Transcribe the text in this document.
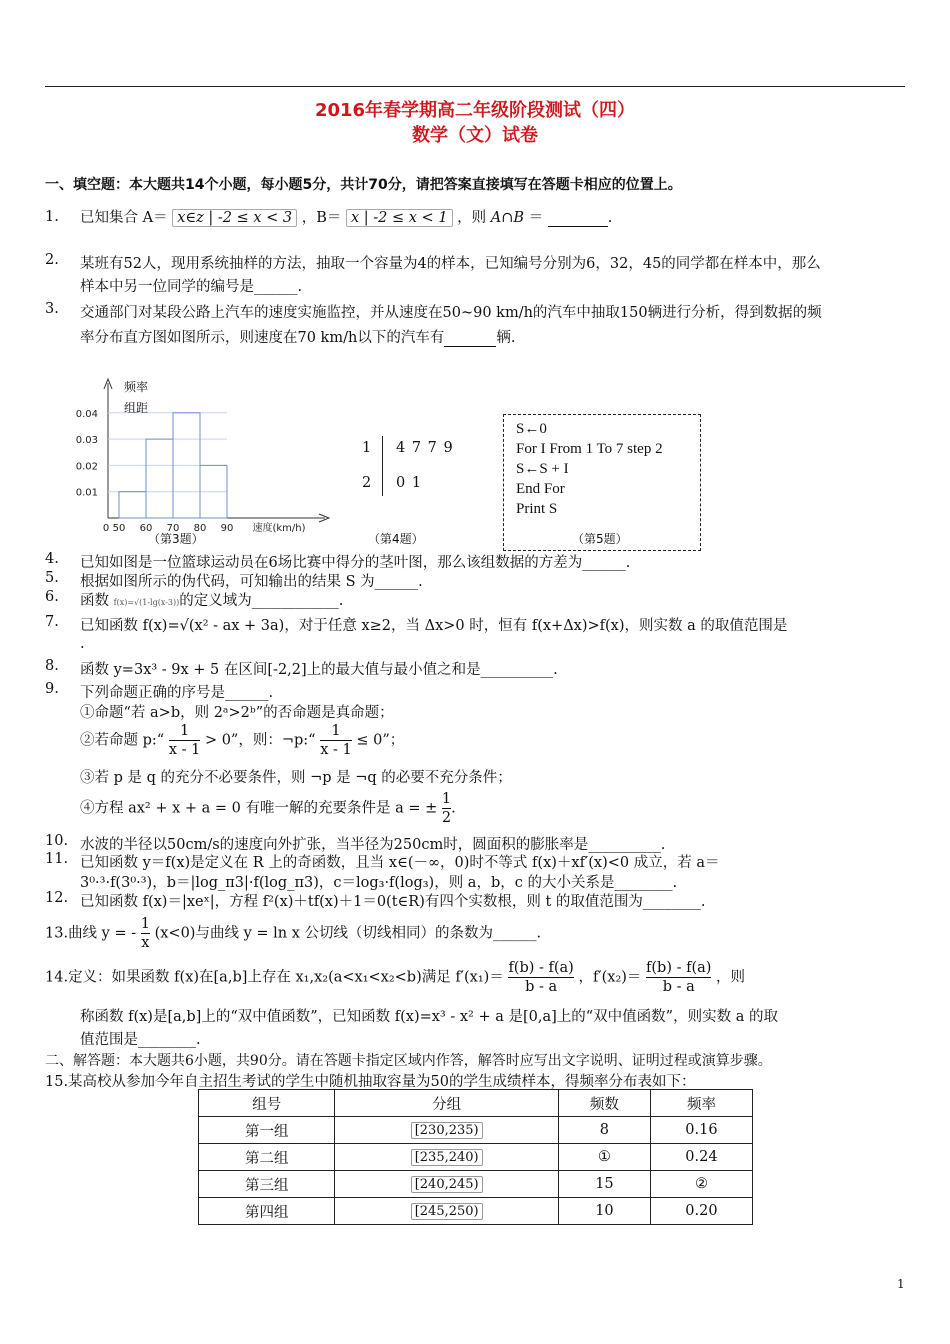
2016年春学期高二年级阶段测试（四）
数学（文）试卷
一、填空题：本大题共14个小题，每小题5分，共计70分，请把答案直接填写在答题卡相应的位置上。
1. 已知集合 A＝ x∈z | -2 ≤ x < 3 ，B＝ x | -2 ≤ x < 1 ，则 A∩B ＝	.
2. 某班有52人，现用系统抽样的方法，抽取一个容量为4的样本，已知编号分别为6，32，45的同学都在样本中，那么
样本中另一位同学的编号是______.
3. 交通部门对某段公路上汽车的速度实施监控，并从速度在50~90 km/h的汽车中抽取150辆进行分析，得到数据的频
率分布直方图如图所示，则速度在70 km/h以下的汽车有	辆.
0.04
0.03
0.02
0.01
0 50 60 70 80 90 速度(km/h)
频率
组距
（第3题）
1 4 7 7 9
2 0 1
（第4题）
S←0
For I From 1 To 7 step 2
S←S + I
End For
Print S
（第5题）
4. 已知如图是一位篮球运动员在6场比赛中得分的茎叶图，那么该组数据的方差为______.
5. 根据如图所示的伪代码，可知输出的结果 S 为______.
6. 函数 f(x)=√(1-lg(x-3))的定义域为____________.
7. 已知函数 f(x)=√(x² - ax + 3a)，对于任意 x≥2，当 Δx>0 时，恒有 f(x+Δx)>f(x)，则实数 a 的取值范围是
.
8. 函数 y=3x³ - 9x + 5 在区间[-2,2]上的最大值与最小值之和是__________.
9. 下列命题正确的序号是______.
①命题“若 a>b，则 2ᵃ>2ᵇ”的否命题是真命题；
②若命题 p:“ $\frac{1}{x - 1} > 0$”，则：¬p:“ $\frac{1}{x - 1} \le 0$”；
③若 p 是 q 的充分不必要条件，则 ¬p 是 ¬q 的必要不充分条件；
④方程 ax² + x + a = 0 有唯一解的充要条件是 a = ± $\frac{1}{2}$ .
10. 水波的半径以50cm/s的速度向外扩张，当半径为250cm时，圆面积的膨胀率是__________.
11. 已知函数 y＝f(x)是定义在 R 上的奇函数，且当 x∈(－∞，0)时不等式 f(x)＋xf′(x)<0 成立，若 a＝
3⁰·³·f(3⁰·³)，b＝|log_π3|·f(log_π3)，c＝log₃·f(log₃)，则 a，b，c 的大小关系是________.
12. 已知函数 f(x)＝|xeˣ|，方程 f²(x)＋tf(x)＋1＝0(t∈R)有四个实数根，则 t 的取值范围为________.
13.曲线 y = - $\frac{1}{x} (x<0)$与曲线 y = ln x 公切线（切线相同）的条数为______.
14.定义：如果函数 f(x)在[a,b]上存在 x₁,x₂(a<x₁<x₂<b)满足 $f'(x_1)= \frac{f(b) - f(a)}{b - a}$ ，$f'(x_2)= \frac{f(b) - f(a)}{b - a}$ ，则
称函数 f(x)是[a,b]上的“双中值函数”，已知函数 f(x)=x³ - x² + a 是[0,a]上的“双中值函数”，则实数 a 的取
值范围是________.
二、解答题：本大题共6小题，共90分。请在答题卡指定区域内作答，解答时应写出文字说明、证明过程或演算步骤。
15.某高校从参加今年自主招生考试的学生中随机抽取容量为50的学生成绩样本，得频率分布表如下：
组号	分组	频数	频率
第一组	[230,235)	8	0.16
第二组	[235,240)	①	0.24
第三组	[240,245)	15	②
第四组	[245,250)	10	0.20
1
